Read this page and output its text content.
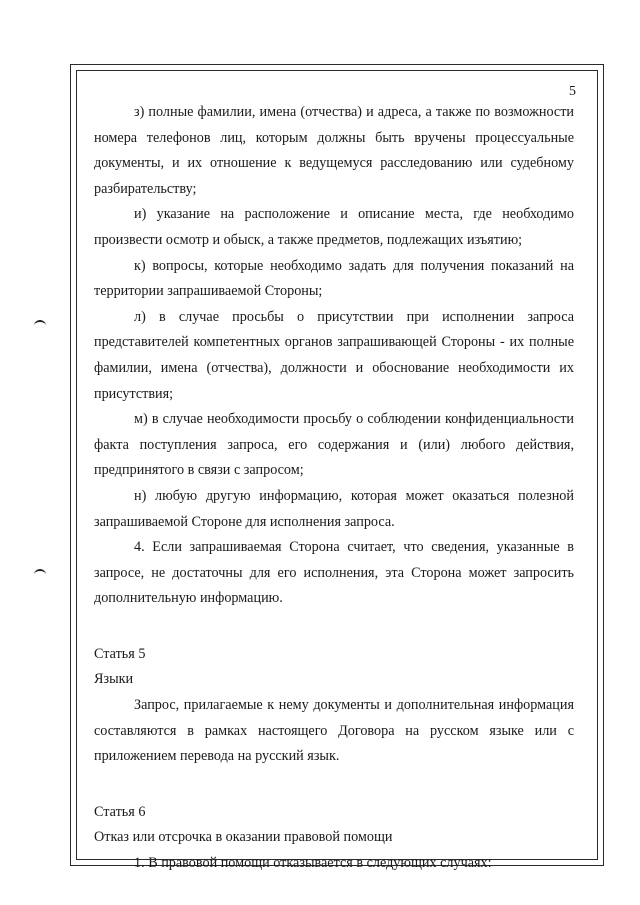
5

з) полные фамилии, имена (отчества) и адреса, а также по возможности номера телефонов лиц, которым должны быть вручены процессуальные документы, и их отношение к ведущемуся расследованию или судебному разбирательству;

и) указание на расположение и описание места, где необходимо произвести осмотр и обыск, а также предметов, подлежащих изъятию;

к) вопросы, которые необходимо задать для получения показаний на территории запрашиваемой Стороны;

л) в случае просьбы о присутствии при исполнении запроса представителей компетентных органов запрашивающей Стороны - их полные фамилии, имена (отчества), должности и обоснование необходимости их присутствия;

м) в случае необходимости просьбу о соблюдении конфиденциальности факта поступления запроса, его содержания и (или) любого действия, предпринятого в связи с запросом;

н) любую другую информацию, которая может оказаться полезной запрашиваемой Стороне для исполнения запроса.

4. Если запрашиваемая Сторона считает, что сведения, указанные в запросе, не достаточны для его исполнения, эта Сторона может запросить дополнительную информацию.

Статья 5

Языки

Запрос, прилагаемые к нему документы и дополнительная информация составляются в рамках настоящего Договора на русском языке или с приложением перевода на русский язык.

Статья 6

Отказ или отсрочка в оказании правовой помощи

1. В правовой помощи отказывается в следующих случаях:
